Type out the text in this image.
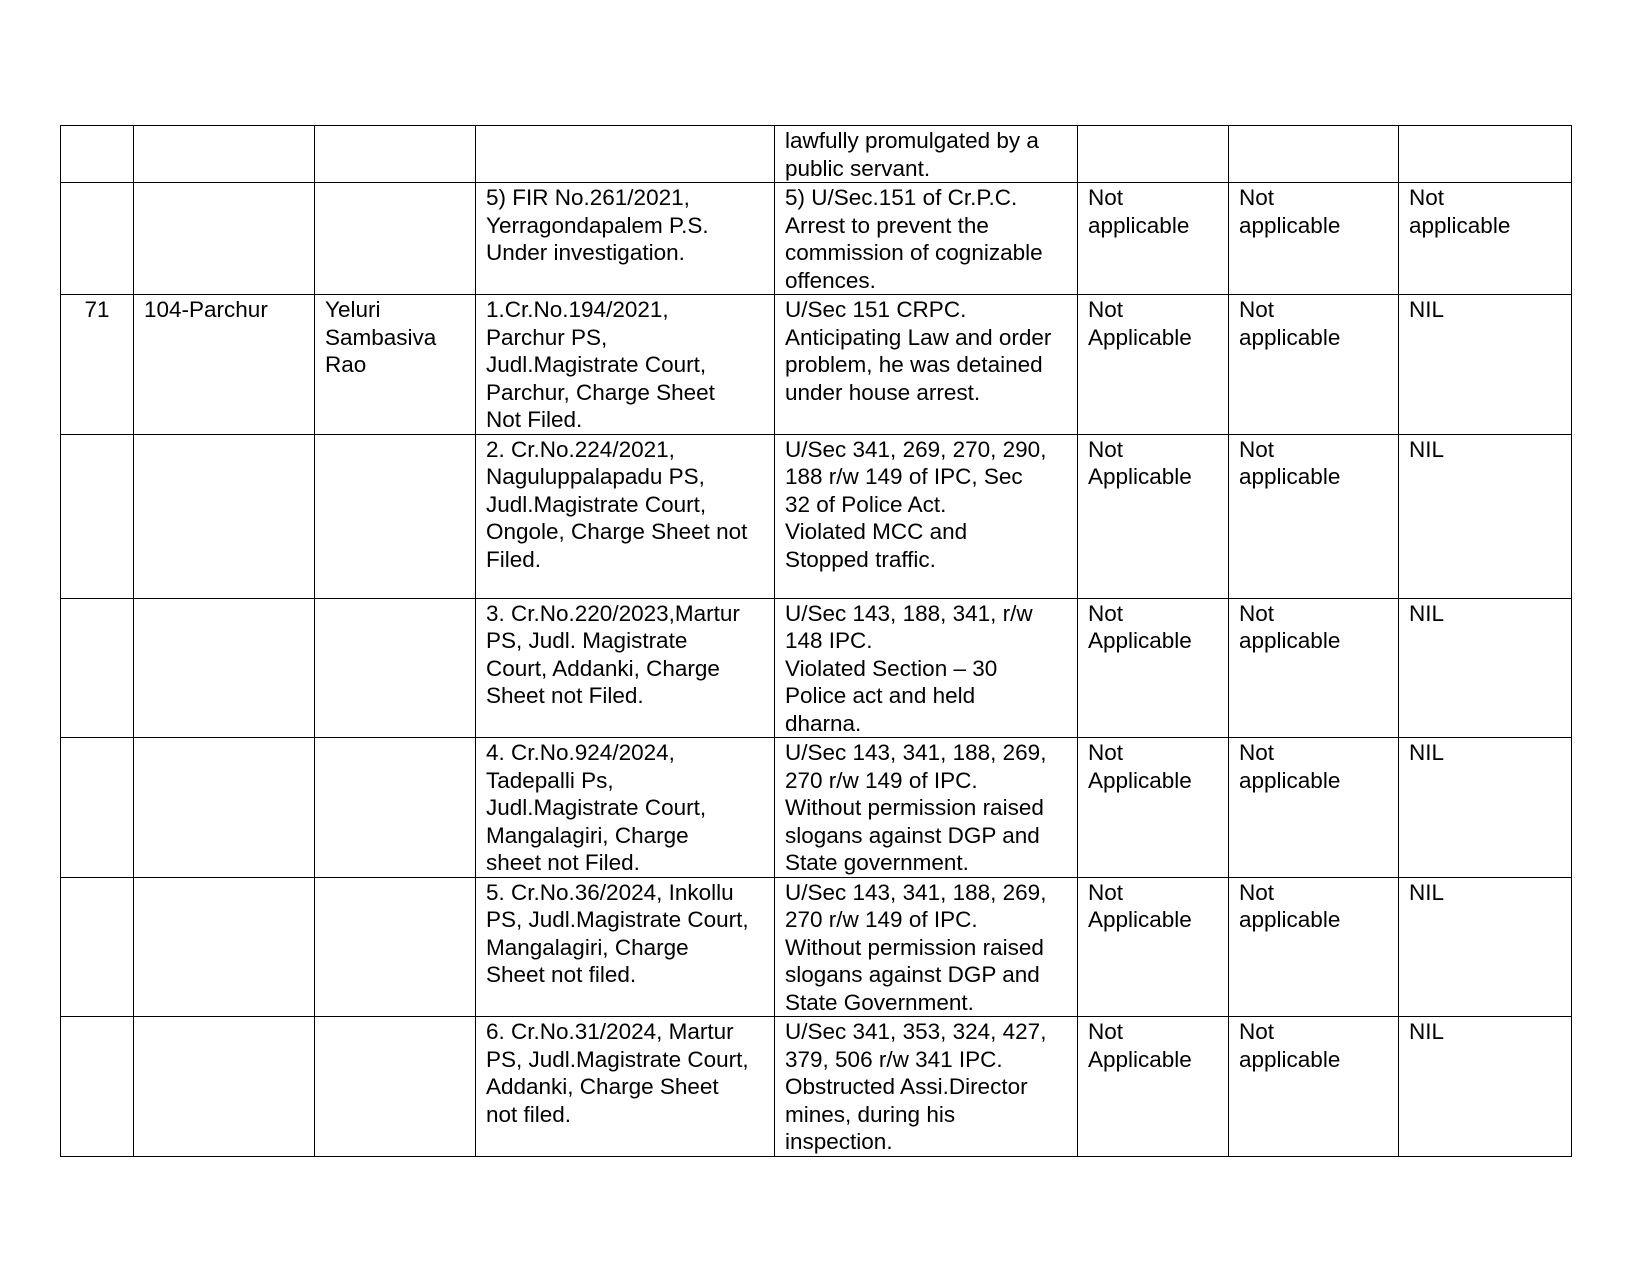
				lawfully promulgated by a
public servant.			
			5) FIR No.261/2021,
Yerragondapalem P.S.
Under investigation.	5) U/Sec.151 of Cr.P.C.
Arrest to prevent the
commission of cognizable
offences.	Not
applicable	Not
applicable	Not
applicable
71	104-Parchur	Yeluri
Sambasiva
Rao	1.Cr.No.194/2021,
Parchur PS,
Judl.Magistrate Court,
Parchur, Charge Sheet
Not Filed.	U/Sec 151 CRPC.
Anticipating Law and order
problem, he was detained
under house arrest.	Not
Applicable	Not
applicable	NIL
			2. Cr.No.224/2021,
Naguluppalapadu PS,
Judl.Magistrate Court,
Ongole, Charge Sheet not
Filed.	U/Sec 341, 269, 270, 290,
188 r/w 149 of IPC, Sec
32 of Police Act.
Violated MCC and
Stopped traffic.	Not
Applicable	Not
applicable	NIL
			3. Cr.No.220/2023,Martur
PS, Judl. Magistrate
Court, Addanki, Charge
Sheet not Filed.	U/Sec 143, 188, 341, r/w
148 IPC.
Violated Section – 30
Police act and held
dharna.	Not
Applicable	Not
applicable	NIL
			4. Cr.No.924/2024,
Tadepalli Ps,
Judl.Magistrate Court,
Mangalagiri, Charge
sheet not Filed.	U/Sec 143, 341, 188, 269,
270 r/w 149 of IPC.
Without permission raised
slogans against DGP and
State government.	Not
Applicable	Not
applicable	NIL
			5. Cr.No.36/2024, Inkollu
PS, Judl.Magistrate Court,
Mangalagiri, Charge
Sheet not filed.	U/Sec 143, 341, 188, 269,
270 r/w 149 of IPC.
Without permission raised
slogans against DGP and
State Government.	Not
Applicable	Not
applicable	NIL
			6. Cr.No.31/2024, Martur
PS, Judl.Magistrate Court,
Addanki, Charge Sheet
not filed.	U/Sec 341, 353, 324, 427,
379, 506 r/w 341 IPC.
Obstructed Assi.Director
mines, during his
inspection.	Not
Applicable	Not
applicable	NIL
